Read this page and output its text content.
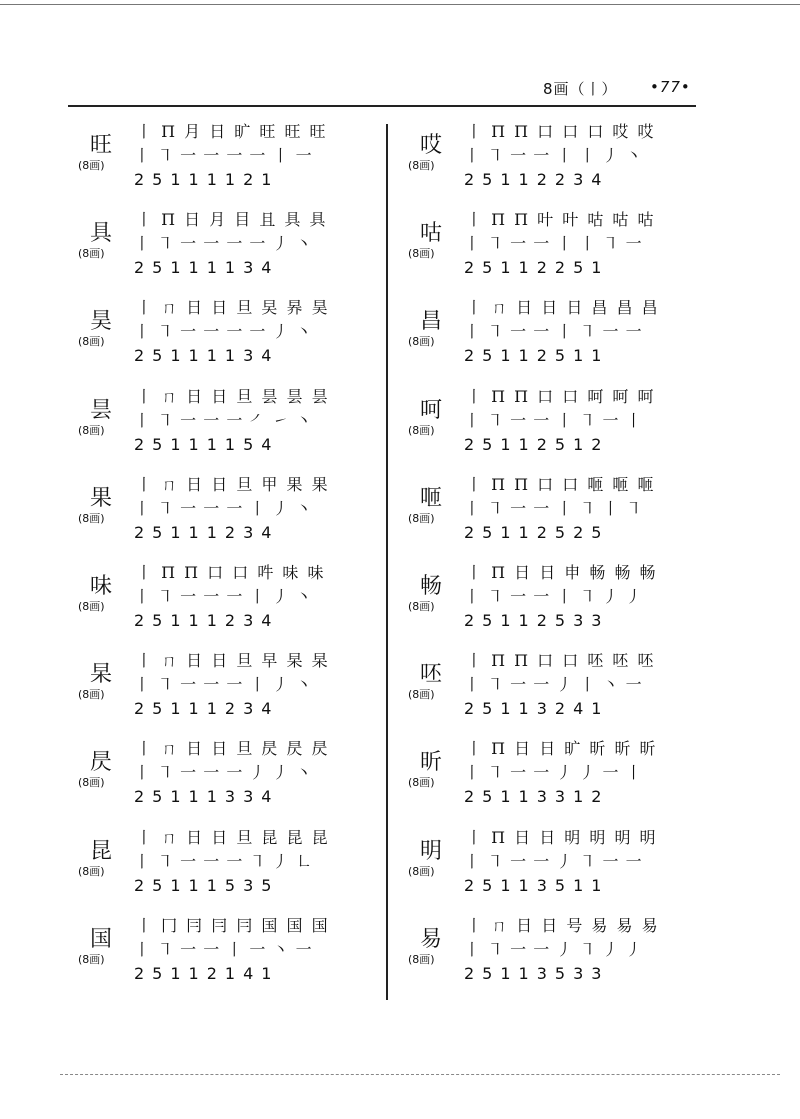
8画（丨） •77•
旺
(8画)
丨 П 月 日 旷 旺 旺 旺
丨 ㇕ 一 一 一 一 丨 一
25111121
具
(8画)
丨 П 日 月 目 且 具 具
丨 ㇕ 一 一 一 一 丿 丶
25111134
昊
(8画)
丨 ㄇ 日 日 旦 旲 昦 昊
丨 ㇕ 一 一 一 一 丿 丶
25111134
昙
(8画)
丨 ㄇ 日 日 旦 昙 昙 昙
丨 ㇕ 一 一 一 ㇒ ㇀ 丶
25111154
果
(8画)
丨 ㄇ 日 日 旦 甲 果 果
丨 ㇕ 一 一 一 丨 丿 丶
25111234
味
(8画)
丨 П П 口 口 吽 味 味
丨 ㇕ 一 一 一 丨 丿 丶
25111234
杲
(8画)
丨 ㄇ 日 日 旦 早 杲 杲
丨 ㇕ 一 一 一 丨 丿 丶
25111234
昃
(8画)
丨 ㄇ 日 日 旦 昃 昃 昃
丨 ㇕ 一 一 一 丿 丿 丶
25111334
昆
(8画)
丨 ㄇ 日 日 旦 昆 昆 昆
丨 ㇕ 一 一 一 ㇕ 丿 ㇗
25111535
国
(8画)
丨 冂 冃 冃 冃 国 国 国
丨 ㇕ 一 一 丨 一 丶 一
25112141
哎
(8画)
丨 П П 口 口 口 哎 哎
丨 ㇕ 一 一 丨 丨 丿 丶
25112234
咕
(8画)
丨 П П 叶 叶 咕 咕 咕
丨 ㇕ 一 一 丨 丨 ㇕ 一
25112251
昌
(8画)
丨 ㄇ 日 日 日 昌 昌 昌
丨 ㇕ 一 一 丨 ㇕ 一 一
25112511
呵
(8画)
丨 П П 口 口 呵 呵 呵
丨 ㇕ 一 一 丨 ㇕ 一 丨
25112512
咂
(8画)
丨 П П 口 口 咂 咂 咂
丨 ㇕ 一 一 丨 ㇕ 丨 ㇕
25112525
畅
(8画)
丨 П 日 日 申 畅 畅 畅
丨 ㇕ 一 一 丨 ㇕ 丿 丿
25112533
呸
(8画)
丨 П П 口 口 呸 呸 呸
丨 ㇕ 一 一 丿 丨 丶 一
25113241
昕
(8画)
丨 П 日 日 旷 昕 昕 昕
丨 ㇕ 一 一 丿 丿 一 丨
25113312
明
(8画)
丨 П 日 日 明 明 明 明
丨 ㇕ 一 一 丿 ㇕ 一 一
25113511
易
(8画)
丨 ㄇ 日 日 号 易 易 易
丨 ㇕ 一 一 丿 ㇕ 丿 丿
25113533
